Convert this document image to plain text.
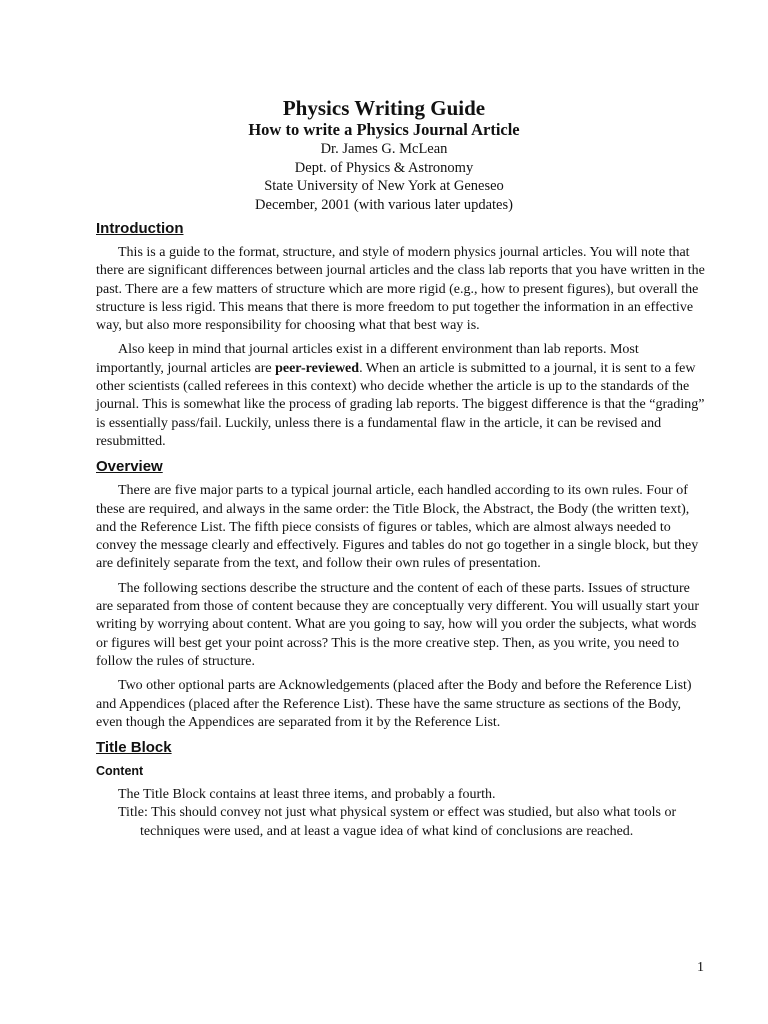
Physics Writing Guide
How to write a Physics Journal Article
Dr. James G. McLean
Dept. of Physics & Astronomy
State University of New York at Geneseo
December, 2001 (with various later updates)
Introduction

This is a guide to the format, structure, and style of modern physics journal articles. You will note that there are significant differences between journal articles and the class lab reports that you have written in the past. There are a few matters of structure which are more rigid (e.g., how to present figures), but overall the structure is less rigid. This means that there is more freedom to put together the information in an effective way, but also more responsibility for choosing what that best way is.

Also keep in mind that journal articles exist in a different environment than lab reports. Most importantly, journal articles are peer-reviewed. When an article is submitted to a journal, it is sent to a few other scientists (called referees in this context) who decide whether the article is up to the standards of the journal. This is somewhat like the process of grading lab reports. The biggest difference is that the “grading” is essentially pass/fail. Luckily, unless there is a fundamental flaw in the article, it can be revised and resubmitted.

Overview

There are five major parts to a typical journal article, each handled according to its own rules. Four of these are required, and always in the same order: the Title Block, the Abstract, the Body (the written text), and the Reference List. The fifth piece consists of figures or tables, which are almost always needed to convey the message clearly and effectively. Figures and tables do not go together in a single block, but they are definitely separate from the text, and follow their own rules of presentation.

The following sections describe the structure and the content of each of these parts. Issues of structure are separated from those of content because they are conceptually very different. You will usually start your writing by worrying about content. What are you going to say, how will you order the subjects, what words or figures will best get your point across? This is the more creative step. Then, as you write, you need to follow the rules of structure.

Two other optional parts are Acknowledgements (placed after the Body and before the Reference List) and Appendices (placed after the Reference List). These have the same structure as sections of the Body, even though the Appendices are separated from it by the Reference List.

Title Block
Content

The Title Block contains at least three items, and probably a fourth.

Title: This should convey not just what physical system or effect was studied, but also what tools or techniques were used, and at least a vague idea of what kind of conclusions are reached.

1
